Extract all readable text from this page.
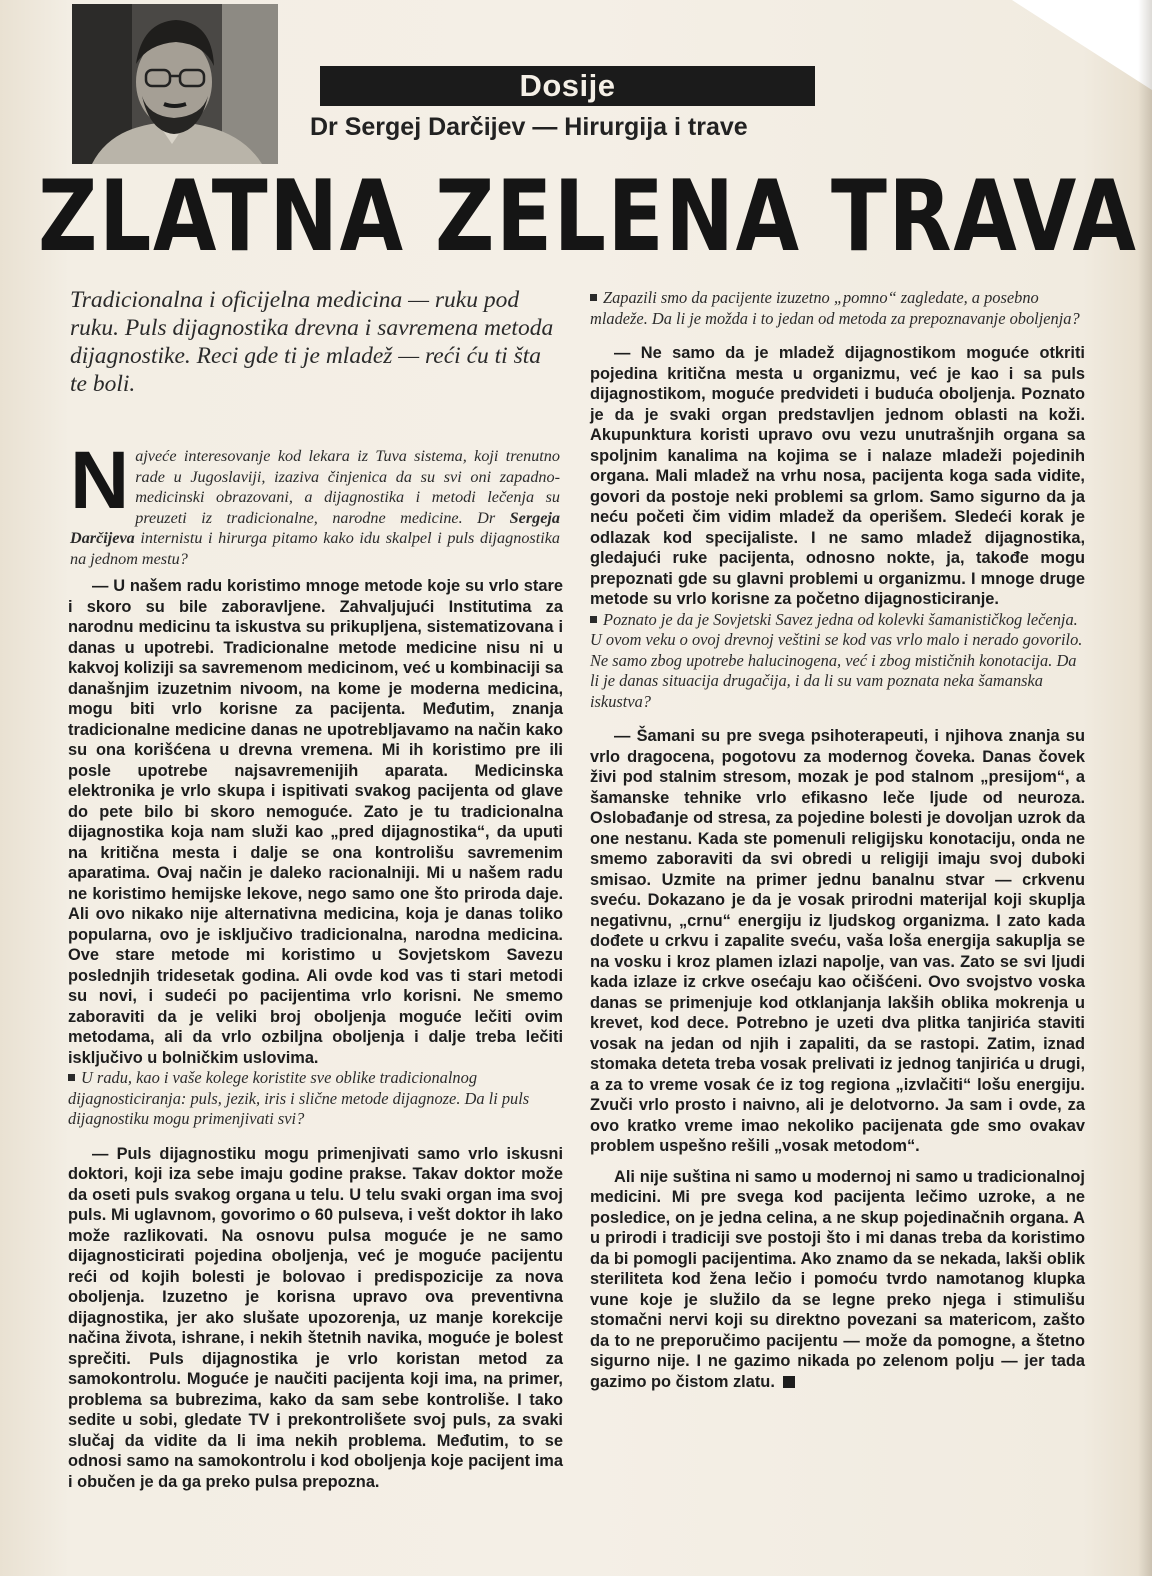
Dosije
Dr Sergej Darčijev — Hirurgija i trave
ZLATNA ZELENA TRAVA
Tradicionalna i oficijelna medicina — ruku pod ruku. Puls dijagnostika drevna i savremena metoda dijagnostike. Reci gde ti je mladež — reći ću ti šta te boli.
Najveće interesovanje kod lekara iz Tuva sistema, koji trenutno rade u Jugoslaviji, izaziva činjenica da su svi oni zapadno-medicinski obrazovani, a dijagnostika i metodi lečenja su preuzeti iz tradicionalne, narodne medicine. Dr Sergeja Darčijeva internistu i hirurga pitamo kako idu skalpel i puls dijagnostika na jednom mestu?

— U našem radu koristimo mnoge metode koje su vrlo stare i skoro su bile zaboravljene. Zahvaljujući Institutima za narodnu medicinu ta iskustva su prikupljena, sistematizovana i danas u upotrebi. Tradicionalne metode medicine nisu ni u kakvoj koliziji sa savremenom medicinom, već u kombinaciji sa današnjim izuzetnim nivoom, na kome je moderna medicina, mogu biti vrlo korisne za pacijenta. Međutim, znanja tradicionalne medicine danas ne upotrebljavamo na način kako su ona korišćena u drevna vremena. Mi ih koristimo pre ili posle upotrebe najsavremenijih aparata. Medicinska elektronika je vrlo skupa i ispitivati svakog pacijenta od glave do pete bilo bi skoro nemoguće. Zato je tu tradicionalna dijagnostika koja nam služi kao „pred dijagnostika“, da uputi na kritična mesta i dalje se ona kontrolišu savremenim aparatima. Ovaj način je daleko racionalniji. Mi u našem radu ne koristimo hemijske lekove, nego samo one što priroda daje. Ali ovo nikako nije alternativna medicina, koja je danas toliko popularna, ovo je isključivo tradicionalna, narodna medicina. Ove stare metode mi koristimo u Sovjetskom Savezu poslednjih tridesetak godina. Ali ovde kod vas ti stari metodi su novi, i sudeći po pacijentima vrlo korisni. Ne smemo zaboraviti da je veliki broj oboljenja moguće lečiti ovim metodama, ali da vrlo ozbiljna oboljenja i dalje treba lečiti isključivo u bolničkim uslovima.

U radu, kao i vaše kolege koristite sve oblike tradicionalnog dijagnosticiranja: puls, jezik, iris i slične metode dijagnoze. Da li puls dijagnostiku mogu primenjivati svi?

— Puls dijagnostiku mogu primenjivati samo vrlo iskusni doktori, koji iza sebe imaju godine prakse. Takav doktor može da oseti puls svakog organa u telu. U telu svaki organ ima svoj puls. Mi uglavnom, govorimo o 60 pulseva, i vešt doktor ih lako može razlikovati. Na osnovu pulsa moguće je ne samo dijagnosticirati pojedina oboljenja, već je moguće pacijentu reći od kojih bolesti je bolovao i predispozicije za nova oboljenja. Izuzetno je korisna upravo ova preventivna dijagnostika, jer ako slušate upozorenja, uz manje korekcije načina života, ishrane, i nekih štetnih navika, moguće je bolest sprečiti. Puls dijagnostika je vrlo koristan metod za samokontrolu. Moguće je naučiti pacijenta koji ima, na primer, problema sa bubrezima, kako da sam sebe kontroliše. I tako sedite u sobi, gledate TV i prekontrolišete svoj puls, za svaki slučaj da vidite da li ima nekih problema. Međutim, to se odnosi samo na samokontrolu i kod oboljenja koje pacijent ima i obučen je da ga preko pulsa prepozna.

Zapazili smo da pacijente izuzetno „pomno“ zagledate, a posebno mladeže. Da li je možda i to jedan od metoda za prepoznavanje oboljenja?

— Ne samo da je mladež dijagnostikom moguće otkriti pojedina kritična mesta u organizmu, već je kao i sa puls dijagnostikom, moguće predvideti i buduća oboljenja. Poznato je da je svaki organ predstavljen jednom oblasti na koži. Akupunktura koristi upravo ovu vezu unutrašnjih organa sa spoljnim kanalima na kojima se i nalaze mladeži pojedinih organa. Mali mladež na vrhu nosa, pacijenta koga sada vidite, govori da postoje neki problemi sa grlom. Samo sigurno da ja neću početi čim vidim mladež da operišem. Sledeći korak je odlazak kod specijaliste. I ne samo mladež dijagnostika, gledajući ruke pacijenta, odnosno nokte, ja, takođe mogu prepoznati gde su glavni problemi u organizmu. I mnoge druge metode su vrlo korisne za početno dijagnosticiranje.

Poznato je da je Sovjetski Savez jedna od kolevki šamanističkog lečenja. U ovom veku o ovoj drevnoj veštini se kod vas vrlo malo i nerado govorilo. Ne samo zbog upotrebe halucinogena, već i zbog mističnih konotacija. Da li je danas situacija drugačija, i da li su vam poznata neka šamanska iskustva?

— Šamani su pre svega psihoterapeuti, i njihova znanja su vrlo dragocena, pogotovu za modernog čoveka. Danas čovek živi pod stalnim stresom, mozak je pod stalnom „presijom“, a šamanske tehnike vrlo efikasno leče ljude od neuroza. Oslobađanje od stresa, za pojedine bolesti je dovoljan uzrok da one nestanu. Kada ste pomenuli religijsku konotaciju, onda ne smemo zaboraviti da svi obredi u religiji imaju svoj duboki smisao. Uzmite na primer jednu banalnu stvar — crkvenu sveću. Dokazano je da je vosak prirodni materijal koji skuplja negativnu, „crnu“ energiju iz ljudskog organizma. I zato kada dođete u crkvu i zapalite sveću, vaša loša energija sakuplja se na vosku i kroz plamen izlazi napolje, van vas. Zato se svi ljudi kada izlaze iz crkve osećaju kao očišćeni. Ovo svojstvo voska danas se primenjuje kod otklanjanja lakših oblika mokrenja u krevet, kod dece. Potrebno je uzeti dva plitka tanjirića staviti vosak na jedan od njih i zapaliti, da se rastopi. Zatim, iznad stomaka deteta treba vosak prelivati iz jednog tanjirića u drugi, a za to vreme vosak će iz tog regiona „izvlačiti“ lošu energiju. Zvuči vrlo prosto i naivno, ali je delotvorno. Ja sam i ovde, za ovo kratko vreme imao nekoliko pacijenata gde smo ovakav problem uspešno rešili „vosak metodom“.

Ali nije suština ni samo u modernoj ni samo u tradicionalnoj medicini. Mi pre svega kod pacijenta lečimo uzroke, a ne posledice, on je jedna celina, a ne skup pojedinačnih organa. A u prirodi i tradiciji sve postoji što i mi danas treba da koristimo da bi pomogli pacijentima. Ako znamo da se nekada, lakši oblik steriliteta kod žena lečio i pomoću tvrdo namotanog klupka vune koje je služilo da se legne preko njega i stimulišu stomačni nervi koji su direktno povezani sa matericom, zašto da to ne preporučimo pacijentu — može da pomogne, a štetno sigurno nije. I ne gazimo nikada po zelenom polju — jer tada gazimo po čistom zlatu.
